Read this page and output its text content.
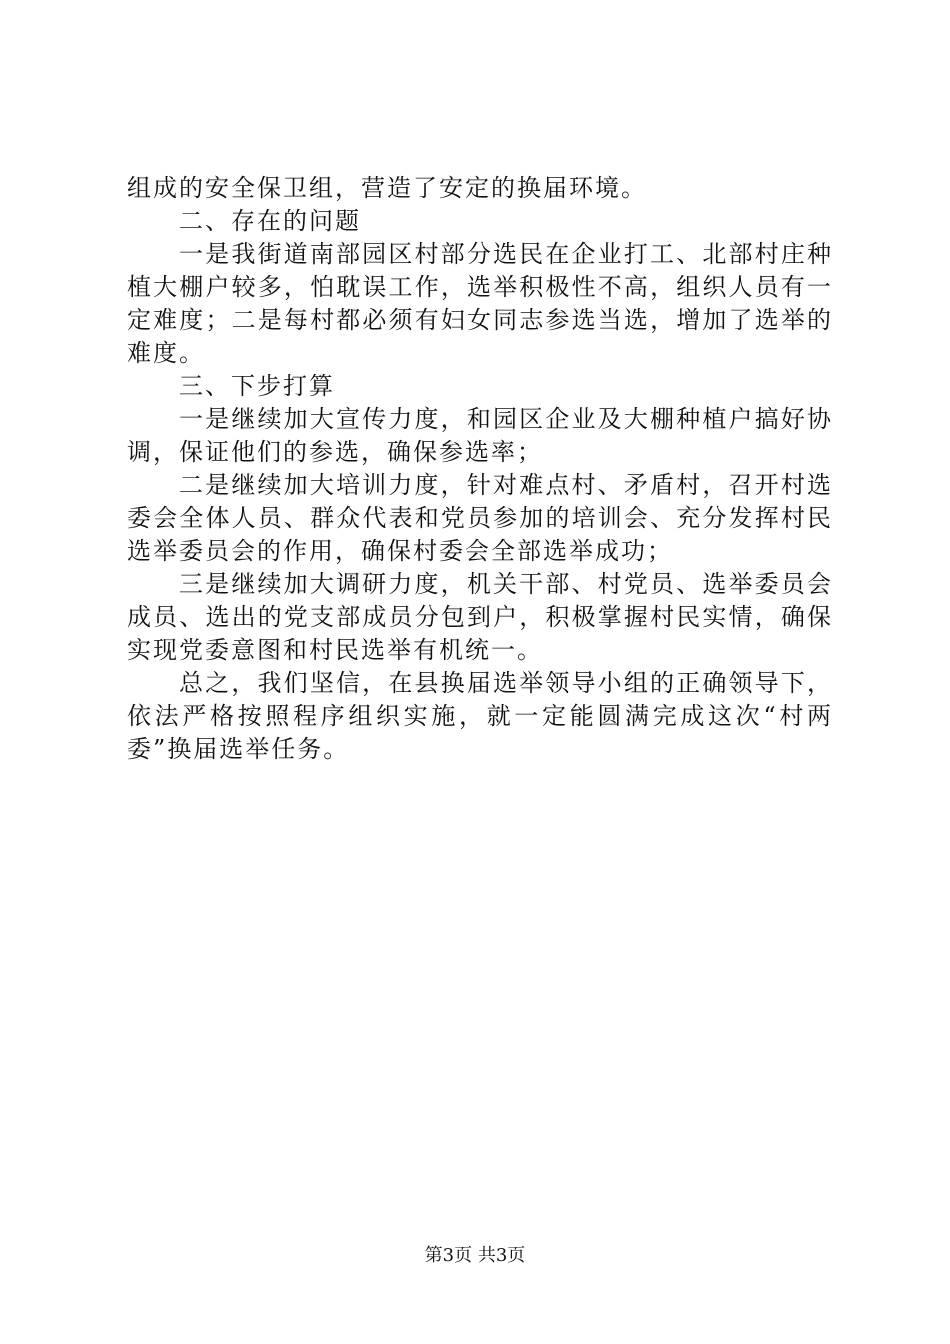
组成的安全保卫组，营造了安定的换届环境。

二、存在的问题

一是我街道南部园区村部分选民在企业打工、北部村庄种植大棚户较多，怕耽误工作，选举积极性不高，组织人员有一定难度；二是每村都必须有妇女同志参选当选，增加了选举的难度。

三、下步打算

一是继续加大宣传力度，和园区企业及大棚种植户搞好协调，保证他们的参选，确保参选率；

二是继续加大培训力度，针对难点村、矛盾村，召开村选委会全体人员、群众代表和党员参加的培训会、充分发挥村民选举委员会的作用，确保村委会全部选举成功；

三是继续加大调研力度，机关干部、村党员、选举委员会成员、选出的党支部成员分包到户，积极掌握村民实情，确保实现党委意图和村民选举有机统一。

总之，我们坚信，在县换届选举领导小组的正确领导下，依法严格按照程序组织实施，就一定能圆满完成这次“村两委”换届选举任务。

第3页 共3页
